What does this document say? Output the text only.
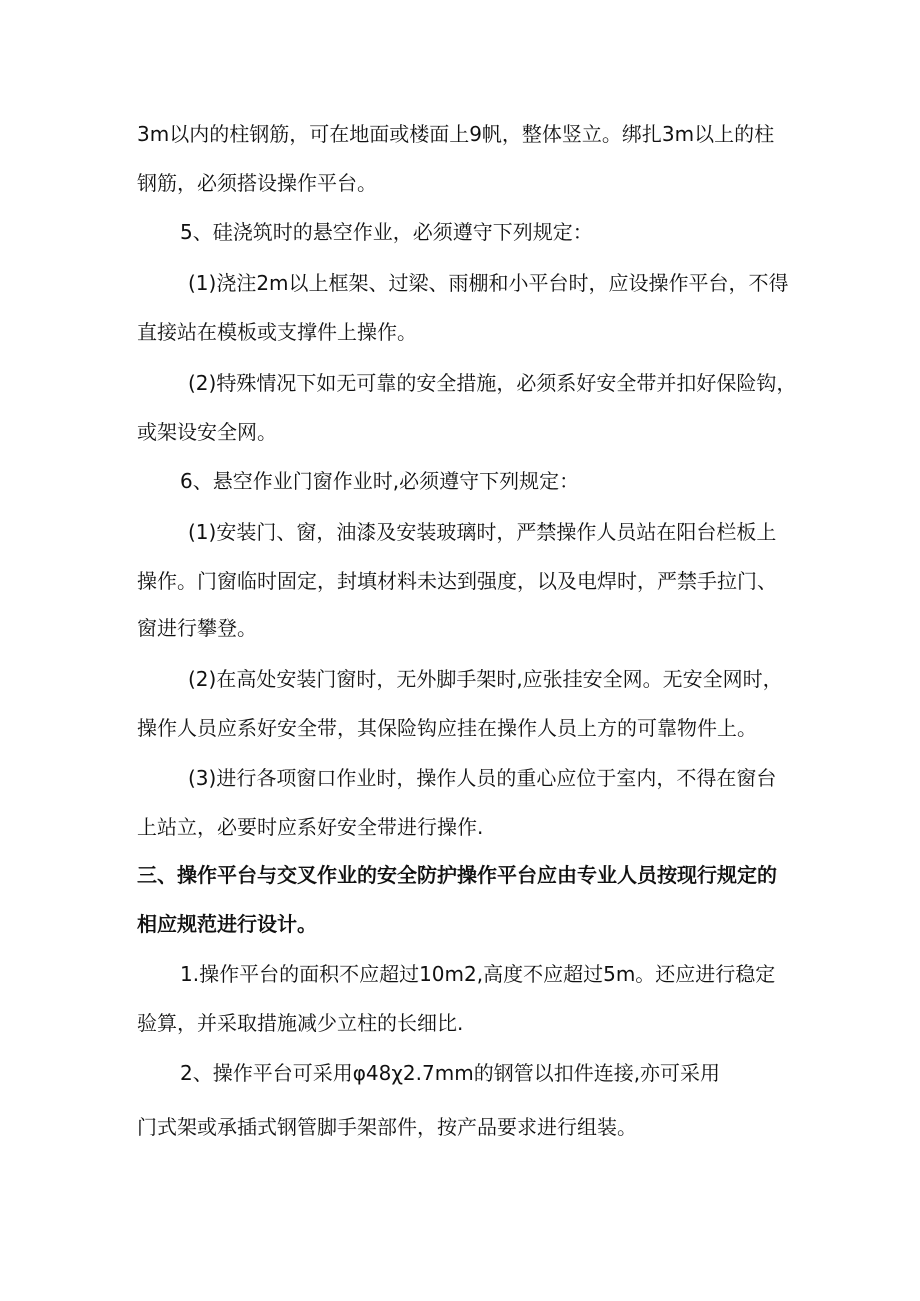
3m以内的柱钢筋，可在地面或楼面上9帆，整体竖立。绑扎3m以上的柱
钢筋，必须搭设操作平台。
5、硅浇筑时的悬空作业，必须遵守下列规定：
(1)浇注2m以上框架、过梁、雨棚和小平台时，应设操作平台，不得
直接站在模板或支撑件上操作。
(2)特殊情况下如无可靠的安全措施，必须系好安全带并扣好保险钩，
或架设安全网。
6、悬空作业门窗作业时,必须遵守下列规定：
(1)安装门、窗，油漆及安装玻璃时，严禁操作人员站在阳台栏板上
操作。门窗临时固定，封填材料未达到强度，以及电焊时，严禁手拉门、
窗进行攀登。
(2)在高处安装门窗时，无外脚手架时,应张挂安全网。无安全网时，
操作人员应系好安全带，其保险钩应挂在操作人员上方的可靠物件上。
(3)进行各项窗口作业时，操作人员的重心应位于室内，不得在窗台
上站立，必要时应系好安全带进行操作.
三、操作平台与交叉作业的安全防护操作平台应由专业人员按现行规定的
相应规范进行设计。
1.操作平台的面积不应超过10m2,高度不应超过5m。还应进行稳定
验算，并采取措施减少立柱的长细比.
2、操作平台可采用φ48χ2.7mm的钢管以扣件连接,亦可采用
门式架或承插式钢管脚手架部件，按产品要求进行组装。
